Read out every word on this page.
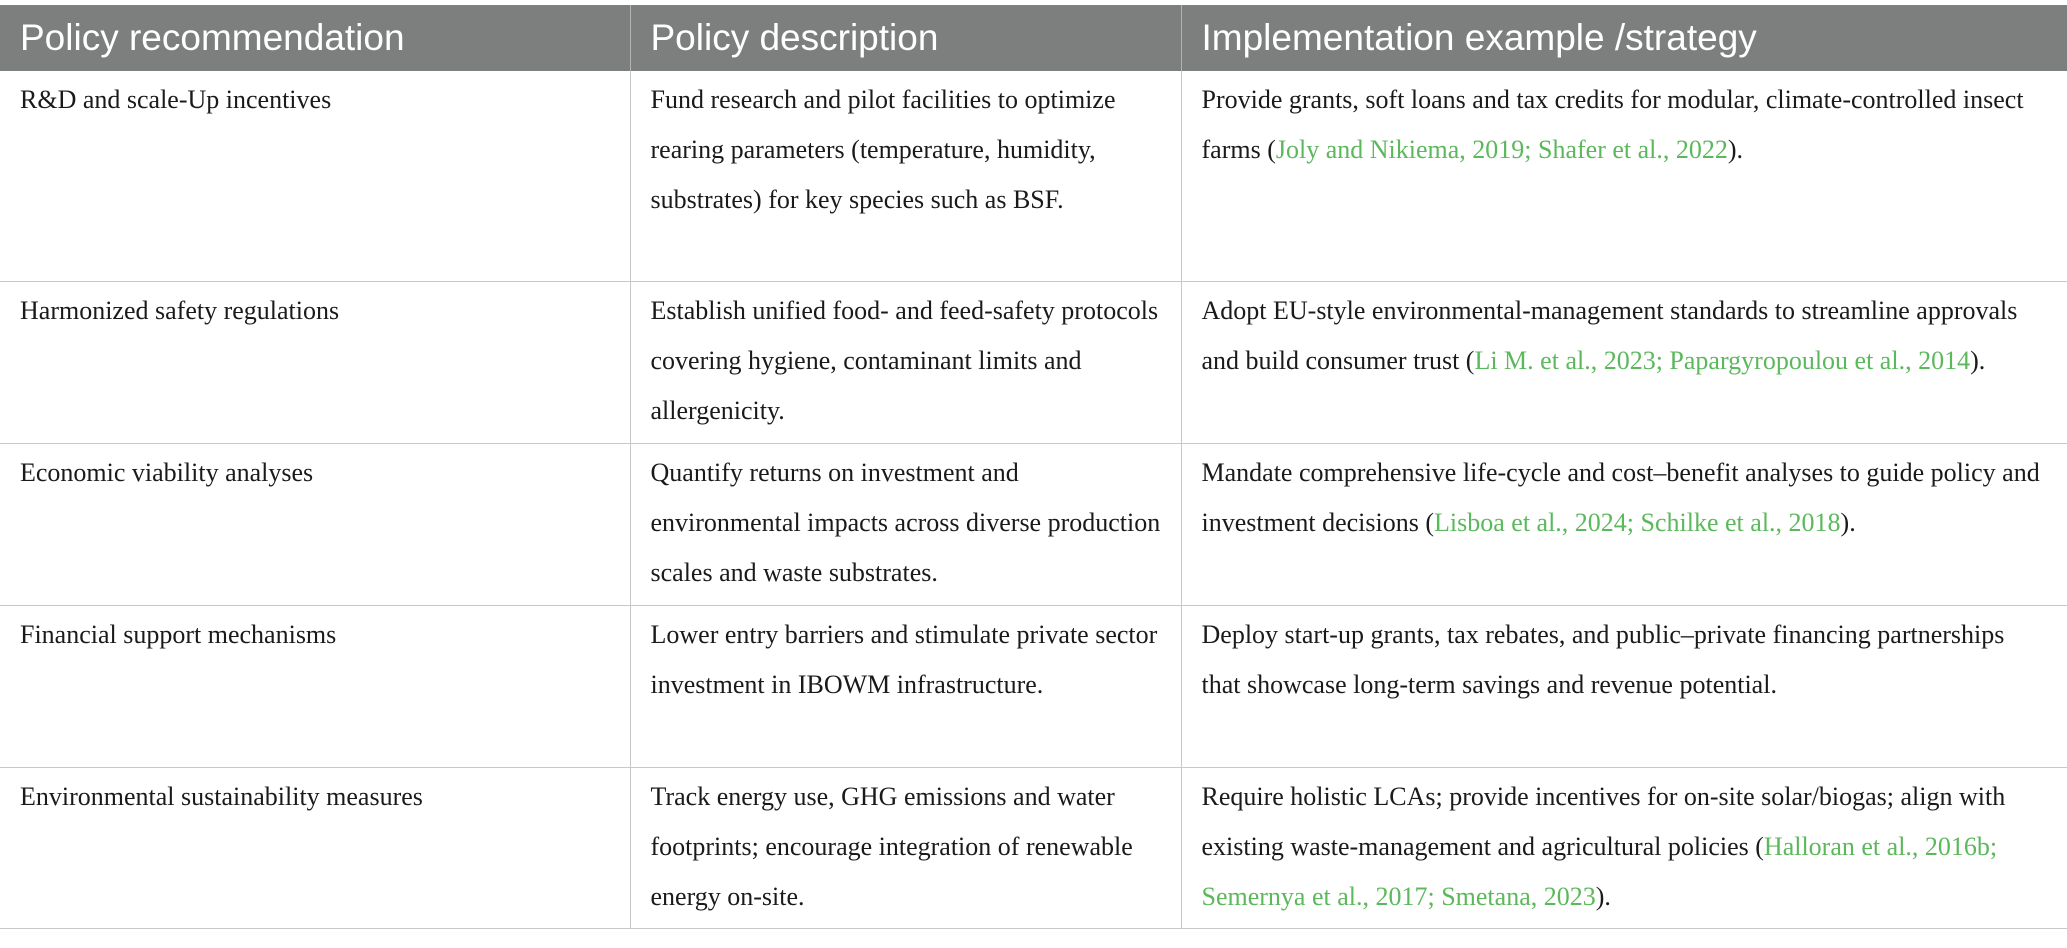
Policy recommendation	Policy description	Implementation example /strategy
R&D and scale-Up incentives	Fund research and pilot facilities to optimize rearing parameters (temperature, humidity, substrates) for key species such as BSF.	Provide grants, soft loans and tax credits for modular, climate-controlled insect farms (Joly and Nikiema, 2019; Shafer et al., 2022).
Harmonized safety regulations	Establish unified food- and feed-safety protocols covering hygiene, contaminant limits and allergenicity.	Adopt EU-style environmental-management standards to streamline approvals and build consumer trust (Li M. et al., 2023; Papargyropoulou et al., 2014).
Economic viability analyses	Quantify returns on investment and environmental impacts across diverse production scales and waste substrates.	Mandate comprehensive life-cycle and cost–benefit analyses to guide policy and investment decisions (Lisboa et al., 2024; Schilke et al., 2018).
Financial support mechanisms	Lower entry barriers and stimulate private sector investment in IBOWM infrastructure.	Deploy start-up grants, tax rebates, and public–private financing partnerships that showcase long-term savings and revenue potential.
Environmental sustainability measures	Track energy use, GHG emissions and water footprints; encourage integration of renewable energy on-site.	Require holistic LCAs; provide incentives for on-site solar/biogas; align with existing waste-management and agricultural policies (Halloran et al., 2016b; Semernya et al., 2017; Smetana, 2023).
